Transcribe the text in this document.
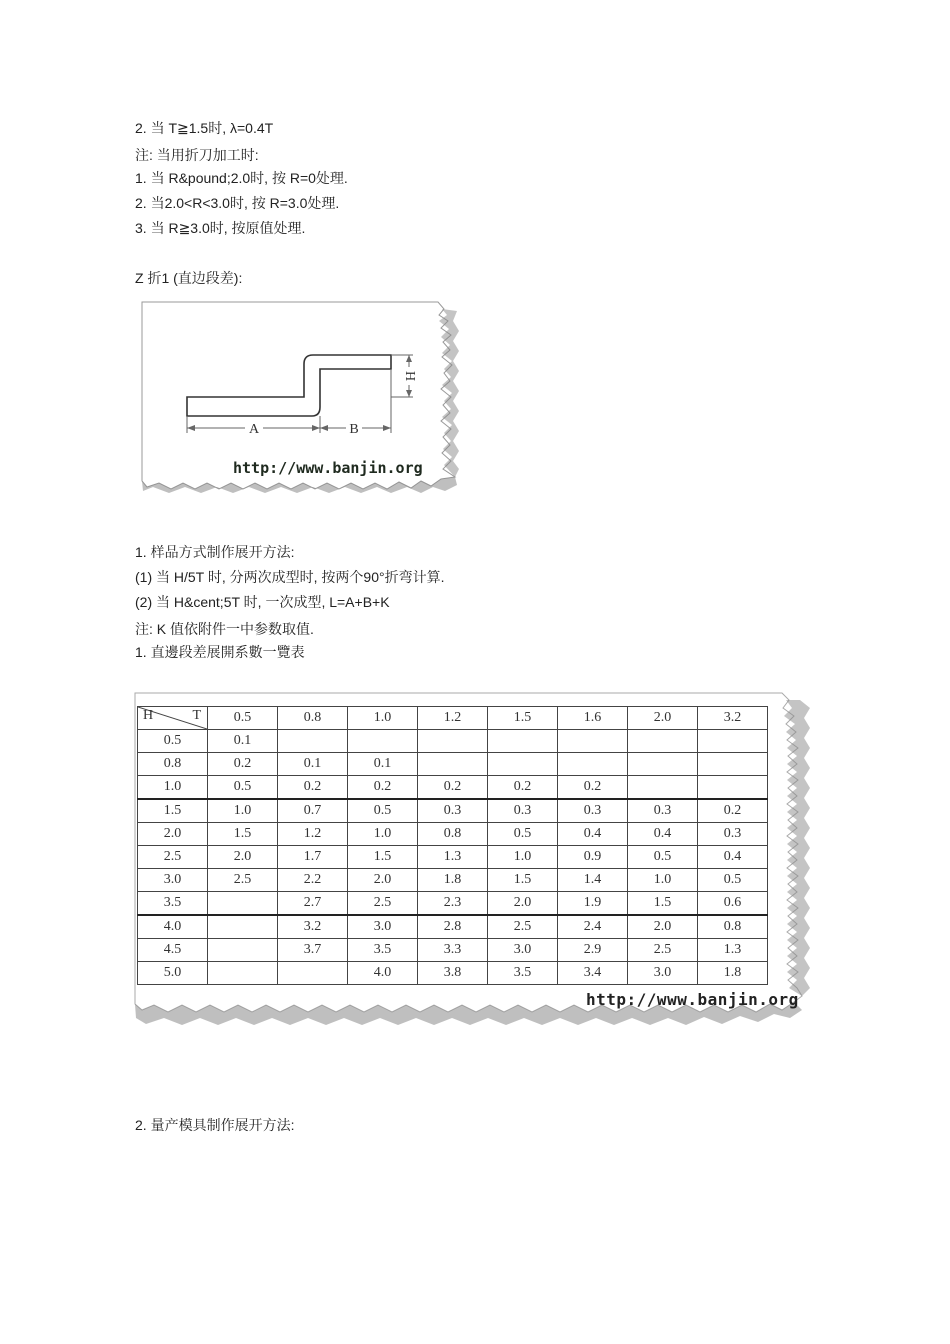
2. 当 T≧1.5时, λ=0.4T
注: 当用折刀加工时:
1. 当 R&pound;2.0时, 按 R=0处理.
2. 当2.0<R<3.0时, 按 R=3.0处理.
3. 当 R≧3.0时, 按原值处理.
Z 折1 (直边段差):
A	B
H
http://www.banjin.org
1. 样品方式制作展开方法:
(1) 当 H/5T 时, 分两次成型时, 按两个90°折弯计算.
(2) 当 H&cent;5T 时, 一次成型, L=A+B+K
注: K 值依附件一中参数取值.
1. 直邊段差展開系數一覽表
H T	0.5	0.8	1.0	1.2	1.5	1.6	2.0	3.2
0.5	0.1							
0.8	0.2	0.1	0.1					
1.0	0.5	0.2	0.2	0.2	0.2	0.2		
1.5	1.0	0.7	0.5	0.3	0.3	0.3	0.3	0.2
2.0	1.5	1.2	1.0	0.8	0.5	0.4	0.4	0.3
2.5	2.0	1.7	1.5	1.3	1.0	0.9	0.5	0.4
3.0	2.5	2.2	2.0	1.8	1.5	1.4	1.0	0.5
3.5		2.7	2.5	2.3	2.0	1.9	1.5	0.6
4.0		3.2	3.0	2.8	2.5	2.4	2.0	0.8
4.5		3.7	3.5	3.3	3.0	2.9	2.5	1.3
5.0			4.0	3.8	3.5	3.4	3.0	1.8
http://www.banjin.org
2. 量产模具制作展开方法:
